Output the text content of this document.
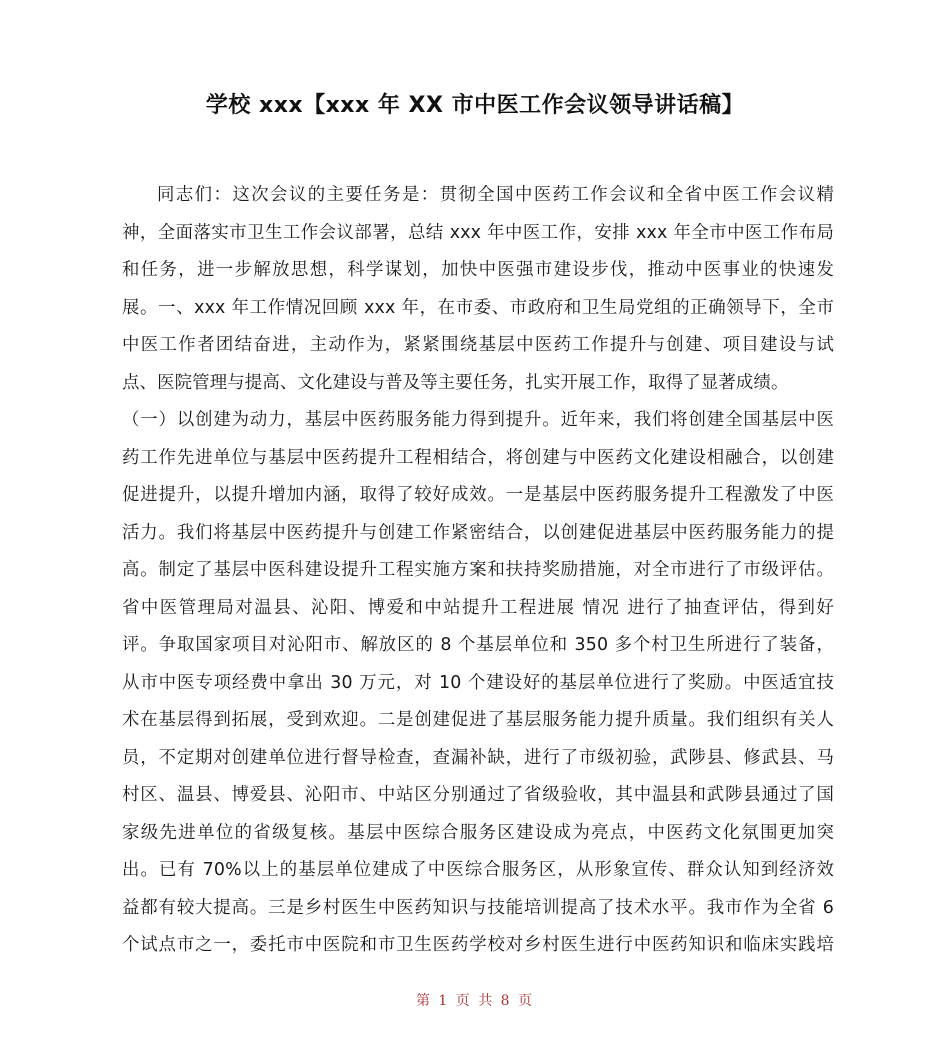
学校 xxx【xxx 年 XX 市中医工作会议领导讲话稿】
同志们：这次会议的主要任务是：贯彻全国中医药工作会议和全省中医工作会议精
神，全面落实市卫生工作会议部署，总结 xxx 年中医工作，安排 xxx 年全市中医工作布局
和任务，进一步解放思想，科学谋划，加快中医强市建设步伐，推动中医事业的快速发
展。一、xxx 年工作情况回顾 xxx 年，在市委、市政府和卫生局党组的正确领导下，全市
中医工作者团结奋进，主动作为，紧紧围绕基层中医药工作提升与创建、项目建设与试
点、医院管理与提高、文化建设与普及等主要任务，扎实开展工作，取得了显著成绩。
（一）以创建为动力，基层中医药服务能力得到提升。近年来，我们将创建全国基层中医
药工作先进单位与基层中医药提升工程相结合，将创建与中医药文化建设相融合，以创建
促进提升，以提升增加内涵，取得了较好成效。一是基层中医药服务提升工程激发了中医
活力。我们将基层中医药提升与创建工作紧密结合，以创建促进基层中医药服务能力的提
高。制定了基层中医科建设提升工程实施方案和扶持奖励措施，对全市进行了市级评估。
省中医管理局对温县、沁阳、博爱和中站提升工程进展 情况 进行了抽查评估，得到好
评。争取国家项目对沁阳市、解放区的 8 个基层单位和 350 多个村卫生所进行了装备，
从市中医专项经费中拿出 30 万元，对 10 个建设好的基层单位进行了奖励。中医适宜技
术在基层得到拓展，受到欢迎。二是创建促进了基层服务能力提升质量。我们组织有关人
员，不定期对创建单位进行督导检查，查漏补缺，进行了市级初验，武陟县、修武县、马
村区、温县、博爱县、沁阳市、中站区分别通过了省级验收，其中温县和武陟县通过了国
家级先进单位的省级复核。基层中医综合服务区建设成为亮点，中医药文化氛围更加突
出。已有 70%以上的基层单位建成了中医综合服务区，从形象宣传、群众认知到经济效
益都有较大提高。三是乡村医生中医药知识与技能培训提高了技术水平。我市作为全省 6
个试点市之一，委托市中医院和市卫生医药学校对乡村医生进行中医药知识和临床实践培
第 1 页 共 8 页
